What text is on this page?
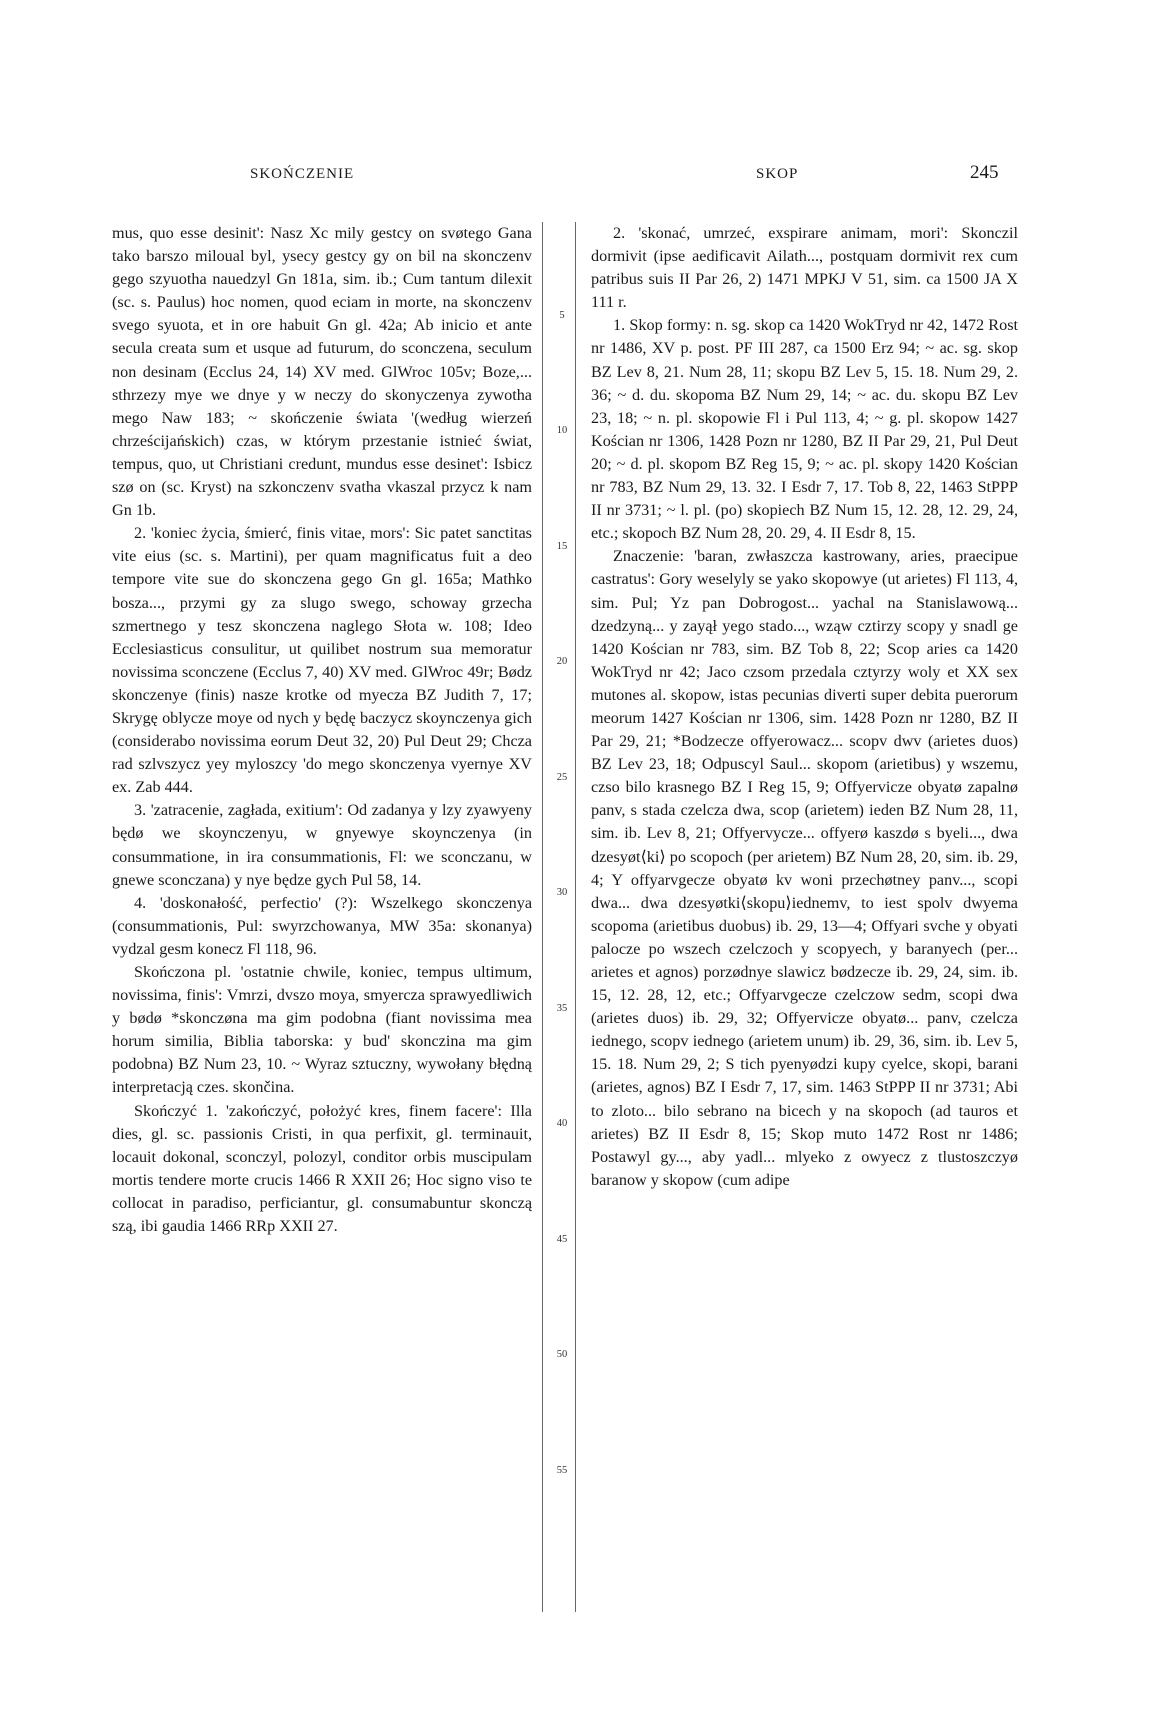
SKOŃCZENIE	SKOP	245

mus, quo esse desinit': Nasz Xc mily gestcy on svøtego Gana tako barszo miloual byl, ysecy gestcy gy on bil na skonczenv gego szyuotha nauedzyl Gn 181a, sim. ib.; Cum tantum dilexit (sc. s. Paulus) hoc nomen, quod eciam in morte, na skonczenv svego syuota, et in ore habuit Gn gl. 42a; Ab inicio et ante secula creata sum et usque ad futurum, do sconczena, seculum non desinam (Ecclus 24, 14) XV med. GlWroc 105v; Boze,... sthrzezy mye we dnye y w neczy do skonyczenya zywotha mego Naw 183; ~ skończenie świata '(według wierzeń chrześcijańskich) czas, w którym przestanie istnieć świat, tempus, quo, ut Christiani credunt, mundus esse desinet': Isbicz szø on (sc. Kryst) na szkonczenv svatha vkaszal przycz k nam Gn 1b.

2. 'koniec życia, śmierć, finis vitae, mors': Sic patet sanctitas vite eius (sc. s. Martini), per quam magnificatus fuit a deo tempore vite sue do skonczena gego Gn gl. 165a; Mathko bosza..., przymi gy za slugo swego, schoway grzecha szmertnego y tesz skonczena naglego Słota w. 108; Ideo Ecclesiasticus consulitur, ut quilibet nostrum sua memoratur novissima sconczene (Ecclus 7, 40) XV med. GlWroc 49r; Bødz skonczenye (finis) nasze krotke od myecza BZ Judith 7, 17; Skrygę oblycze moye od nych y będę baczycz skoynczenya gich (considerabo novissima eorum Deut 32, 20) Pul Deut 29; Chcza rad szlvszycz yey myloszcy 'do mego skonczenya vyernye XV ex. Zab 444.

3. 'zatracenie, zagłada, exitium': Od zadanya y lzy zyawyeny będø we skoynczenyu, w gnyewye skoynczenya (in consummatione, in ira consummationis, Fl: we sconczanu, w gnewe sconczana) y nye będze gych Pul 58, 14.

4. 'doskonałość, perfectio' (?): Wszelkego skonczenya (consummationis, Pul: swyrzchowanya, MW 35a: skonanya) vydzal gesm konecz Fl 118, 96.

Skończona pl. 'ostatnie chwile, koniec, tempus ultimum, novissima, finis': Vmrzi, dvszo moya, smyercza sprawyedliwich y bødø *skonczøna ma gim podobna (fiant novissima mea horum similia, Biblia taborska: y bud' skonczina ma gim podobna) BZ Num 23, 10. ~ Wyraz sztuczny, wywołany błędną interpretacją czes. skončina.

Skończyć 1. 'zakończyć, położyć kres, finem facere': Illa dies, gl. sc. passionis Cristi, in qua perfixit, gl. terminauit, locauit dokonal, sconczyl, polozyl, conditor orbis muscipulam mortis tendere morte crucis 1466 R XXII 26; Hoc signo viso te collocat in paradiso, perficiantur, gl. consumabuntur skonczą szą, ibi gaudia 1466 RRp XXII 27.

5
10
15
20
25
30
35
40
45
50
55

2. 'skonać, umrzeć, exspirare animam, mori': Skonczil dormivit (ipse aedificavit Ailath..., postquam dormivit rex cum patribus suis II Par 26, 2) 1471 MPKJ V 51, sim. ca 1500 JA X 111 r.

1. Skop formy: n. sg. skop ca 1420 WokTryd nr 42, 1472 Rost nr 1486, XV p. post. PF III 287, ca 1500 Erz 94; ~ ac. sg. skop BZ Lev 8, 21. Num 28, 11; skopu BZ Lev 5, 15. 18. Num 29, 2. 36; ~ d. du. skopoma BZ Num 29, 14; ~ ac. du. skopu BZ Lev 23, 18; ~ n. pl. skopowie Fl i Pul 113, 4; ~ g. pl. skopow 1427 Kościan nr 1306, 1428 Pozn nr 1280, BZ II Par 29, 21, Pul Deut 20; ~ d. pl. skopom BZ Reg 15, 9; ~ ac. pl. skopy 1420 Kościan nr 783, BZ Num 29, 13. 32. I Esdr 7, 17. Tob 8, 22, 1463 StPPP II nr 3731; ~ l. pl. (po) skopiech BZ Num 15, 12. 28, 12. 29, 24, etc.; skopoch BZ Num 28, 20. 29, 4. II Esdr 8, 15.

Znaczenie: 'baran, zwłaszcza kastrowany, aries, praecipue castratus': Gory weselyly se yako skopowye (ut arietes) Fl 113, 4, sim. Pul; Yz pan Dobrogost... yachal na Stanislawową... dzedzyną... y zayął yego stado..., wząw cztirzy scopy y snadl ge 1420 Kościan nr 783, sim. BZ Tob 8, 22; Scop aries ca 1420 WokTryd nr 42; Jaco czsom przedala cztyrzy woly et XX sex mutones al. skopow, istas pecunias diverti super debita puerorum meorum 1427 Kościan nr 1306, sim. 1428 Pozn nr 1280, BZ II Par 29, 21; *Bodzecze offyerowacz... scopv dwv (arietes duos) BZ Lev 23, 18; Odpuscyl Saul... skopom (arietibus) y wszemu, czso bilo krasnego BZ I Reg 15, 9; Offyervicze obyatø zapalnø panv, s stada czelcza dwa, scop (arietem) ieden BZ Num 28, 11, sim. ib. Lev 8, 21; Offyervycze... offyerø kaszdø s byeli..., dwa dzesyøt⟨ki⟩ po scopoch (per arietem) BZ Num 28, 20, sim. ib. 29, 4; Y offyarvgecze obyatø kv woni przechøtney panv..., scopi dwa... dwa dzesyøtki⟨skopu⟩iednemv, to iest spolv dwyema scopoma (arietibus duobus) ib. 29, 13—4; Offyari svche y obyati palocze po wszech czelczoch y scopyech, y baranyech (per... arietes et agnos) porzødnye slawicz bødzecze ib. 29, 24, sim. ib. 15, 12. 28, 12, etc.; Offyarvgecze czelczow sedm, scopi dwa (arietes duos) ib. 29, 32; Offyervicze obyatø... panv, czelcza iednego, scopv iednego (arietem unum) ib. 29, 36, sim. ib. Lev 5, 15. 18. Num 29, 2; S tich pyenyødzi kupy cyelce, skopi, barani (arietes, agnos) BZ I Esdr 7, 17, sim. 1463 StPPP II nr 3731; Abi to zloto... bilo sebrano na bicech y na skopoch (ad tauros et arietes) BZ II Esdr 8, 15; Skop muto 1472 Rost nr 1486; Postawyl gy..., aby yadl... mlyeko z owyecz z tlustoszczyø baranow y skopow (cum adipe
